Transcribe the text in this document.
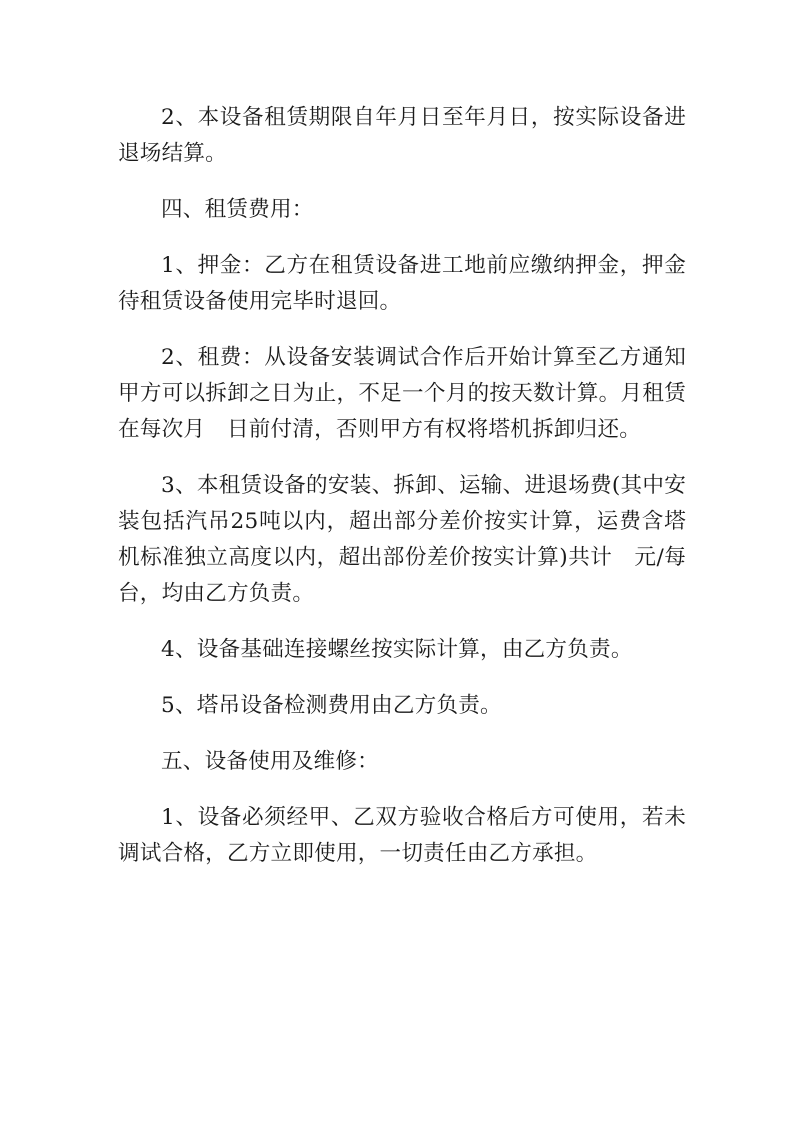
2、本设备租赁期限自年月日至年月日，按实际设备进退场结算。

四、租赁费用：

1、押金：乙方在租赁设备进工地前应缴纳押金，押金待租赁设备使用完毕时退回。

2、租费：从设备安装调试合作后开始计算至乙方通知甲方可以拆卸之日为止，不足一个月的按天数计算。月租赁在每次月　日前付清，否则甲方有权将塔机拆卸归还。

3、本租赁设备的安装、拆卸、运输、进退场费(其中安装包括汽吊25吨以内，超出部分差价按实计算，运费含塔机标准独立高度以内，超出部份差价按实计算)共计　元/每台，均由乙方负责。

4、设备基础连接螺丝按实际计算，由乙方负责。

5、塔吊设备检测费用由乙方负责。

五、设备使用及维修：

1、设备必须经甲、乙双方验收合格后方可使用，若未调试合格，乙方立即使用，一切责任由乙方承担。
